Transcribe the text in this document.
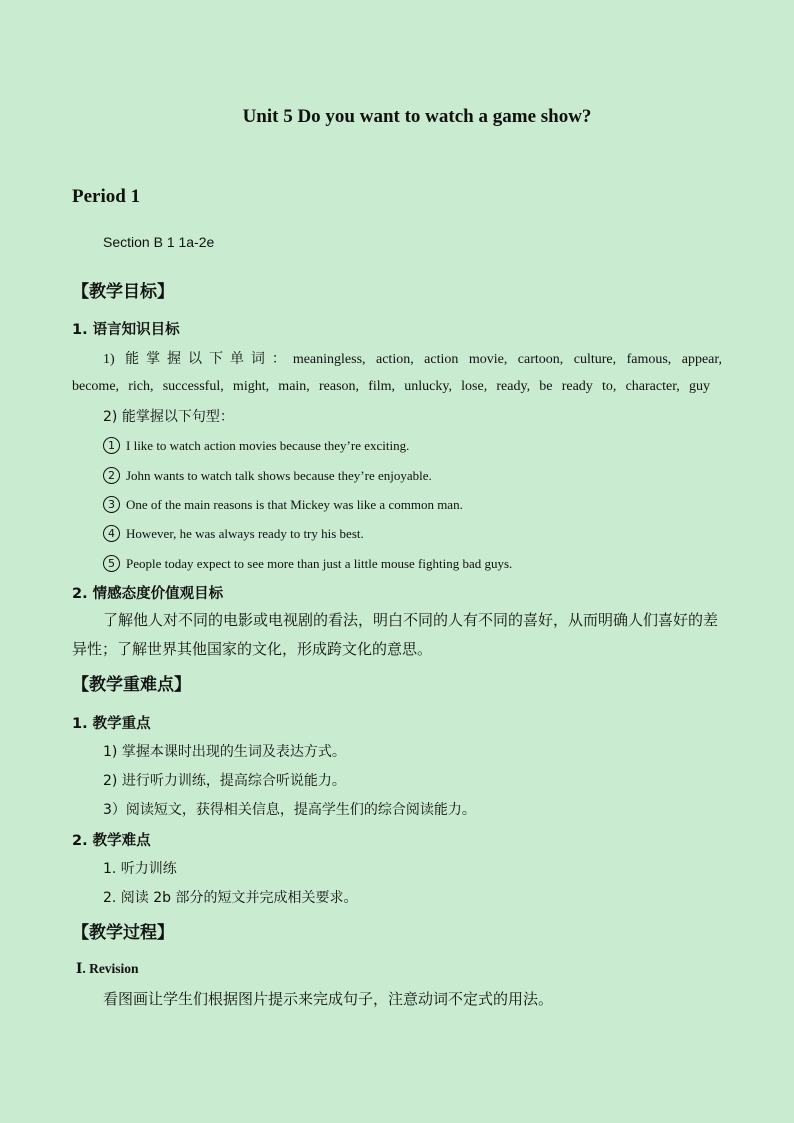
Unit 5 Do you want to watch a game show?
Period 1
Section B 1 1a-2e
【教学目标】
1. 语言知识目标
1) 能掌握以下单词：meaningless, action, action movie, cartoon, culture, famous, appear,
become, rich, successful, might, main, reason, film, unlucky, lose, ready, be ready to, character, guy
2) 能掌握以下句型：
1 I like to watch action movies because they’re exciting.
2 John wants to watch talk shows because they’re enjoyable.
3 One of the main reasons is that Mickey was like a common man.
4 However, he was always ready to try his best.
5 People today expect to see more than just a little mouse fighting bad guys.
2. 情感态度价值观目标
了解他人对不同的电影或电视剧的看法，明白不同的人有不同的喜好，从而明确人们喜好的差异性；了解世界其他国家的文化，形成跨文化的意思。
【教学重难点】
1. 教学重点
1) 掌握本课时出现的生词及表达方式。
2) 进行听力训练，提高综合听说能力。
3）阅读短文，获得相关信息，提高学生们的综合阅读能力。
2. 教学难点
1. 听力训练
2. 阅读 2b 部分的短文并完成相关要求。
【教学过程】
Ⅰ. Revision
看图画让学生们根据图片提示来完成句子，注意动词不定式的用法。
